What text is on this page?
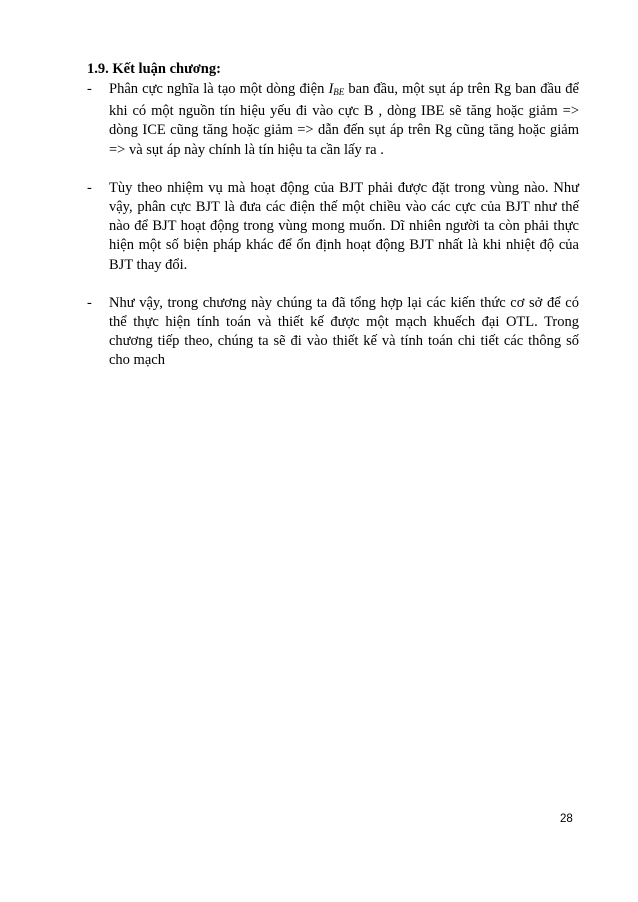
1.9. Kết luận chương:
-	Phân cực nghĩa là tạo một dòng điện $I_{BE}$ ban đầu, một sụt áp trên Rg ban đầu để khi có một nguồn tín hiệu yếu đi vào cực B , dòng IBE sẽ tăng hoặc giảm => dòng ICE cũng tăng hoặc giảm => dẫn đến sụt áp trên Rg cũng tăng hoặc giảm => và sụt áp này chính là tín hiệu ta cần lấy ra .
-	Tùy theo nhiệm vụ mà hoạt động của BJT phải được đặt trong vùng nào. Như vậy, phân cực BJT là đưa các điện thế một chiều vào các cực của BJT như thế nào để BJT hoạt động trong vùng mong muốn. Dĩ nhiên người ta còn phải thực hiện một số biện pháp khác để ổn định hoạt động BJT nhất là khi nhiệt độ của BJT thay đổi.
-	Như vậy, trong chương này chúng ta đã tổng hợp lại các kiến thức cơ sở để có thể thực hiện tính toán và thiết kế được một mạch khuếch đại OTL. Trong chương tiếp theo, chúng ta sẽ đi vào thiết kế và tính toán chi tiết các thông số cho mạch
28
